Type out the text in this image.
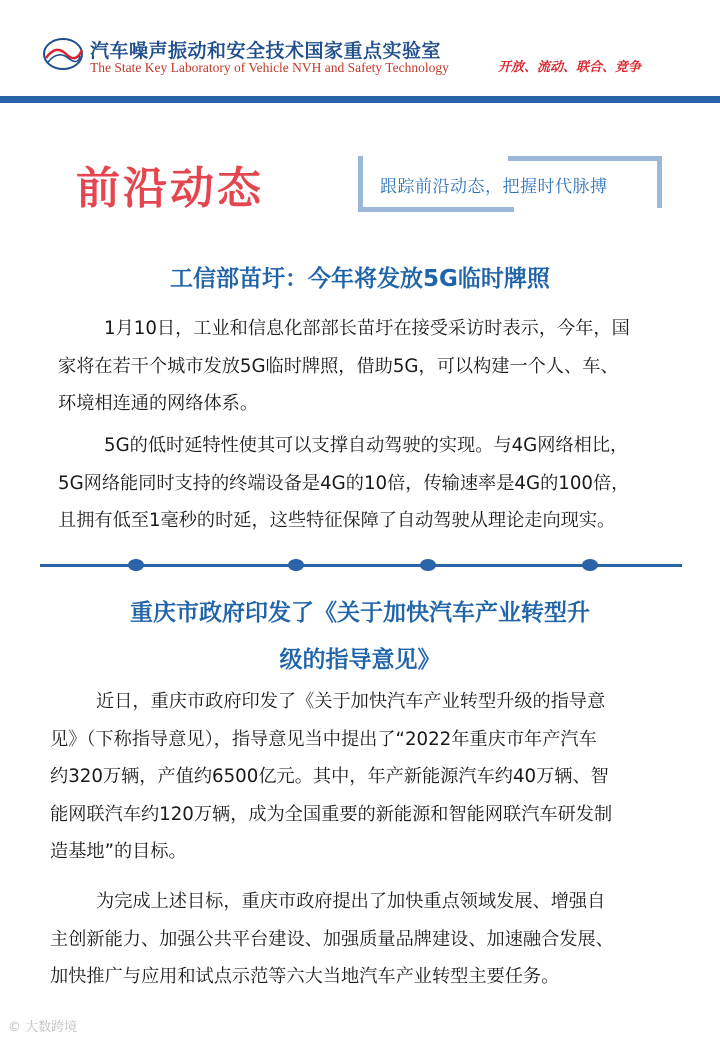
汽车噪声振动和安全技术国家重点实验室
The State Key Laboratory of Vehicle NVH and Safety Technology	开放、流动、联合、竞争
前沿动态	跟踪前沿动态，把握时代脉搏
工信部苗圩：今年将发放5G临时牌照
1月10日，工业和信息化部部长苗圩在接受采访时表示，今年，国
家将在若干个城市发放5G临时牌照，借助5G，可以构建一个人、车、
环境相连通的网络体系。
5G的低时延特性使其可以支撑自动驾驶的实现。与4G网络相比，
5G网络能同时支持的终端设备是4G的10倍，传输速率是4G的100倍，
且拥有低至1毫秒的时延，这些特征保障了自动驾驶从理论走向现实。
重庆市政府印发了《关于加快汽车产业转型升
级的指导意见》
近日，重庆市政府印发了《关于加快汽车产业转型升级的指导意
见》（下称指导意见），指导意见当中提出了“2022年重庆市年产汽车
约320万辆，产值约6500亿元。其中，年产新能源汽车约40万辆、智
能网联汽车约120万辆，成为全国重要的新能源和智能网联汽车研发制
造基地”的目标。
为完成上述目标，重庆市政府提出了加快重点领域发展、增强自
主创新能力、加强公共平台建设、加强质量品牌建设、加速融合发展、
加快推广与应用和试点示范等六大当地汽车产业转型主要任务。
© 大数跨境
